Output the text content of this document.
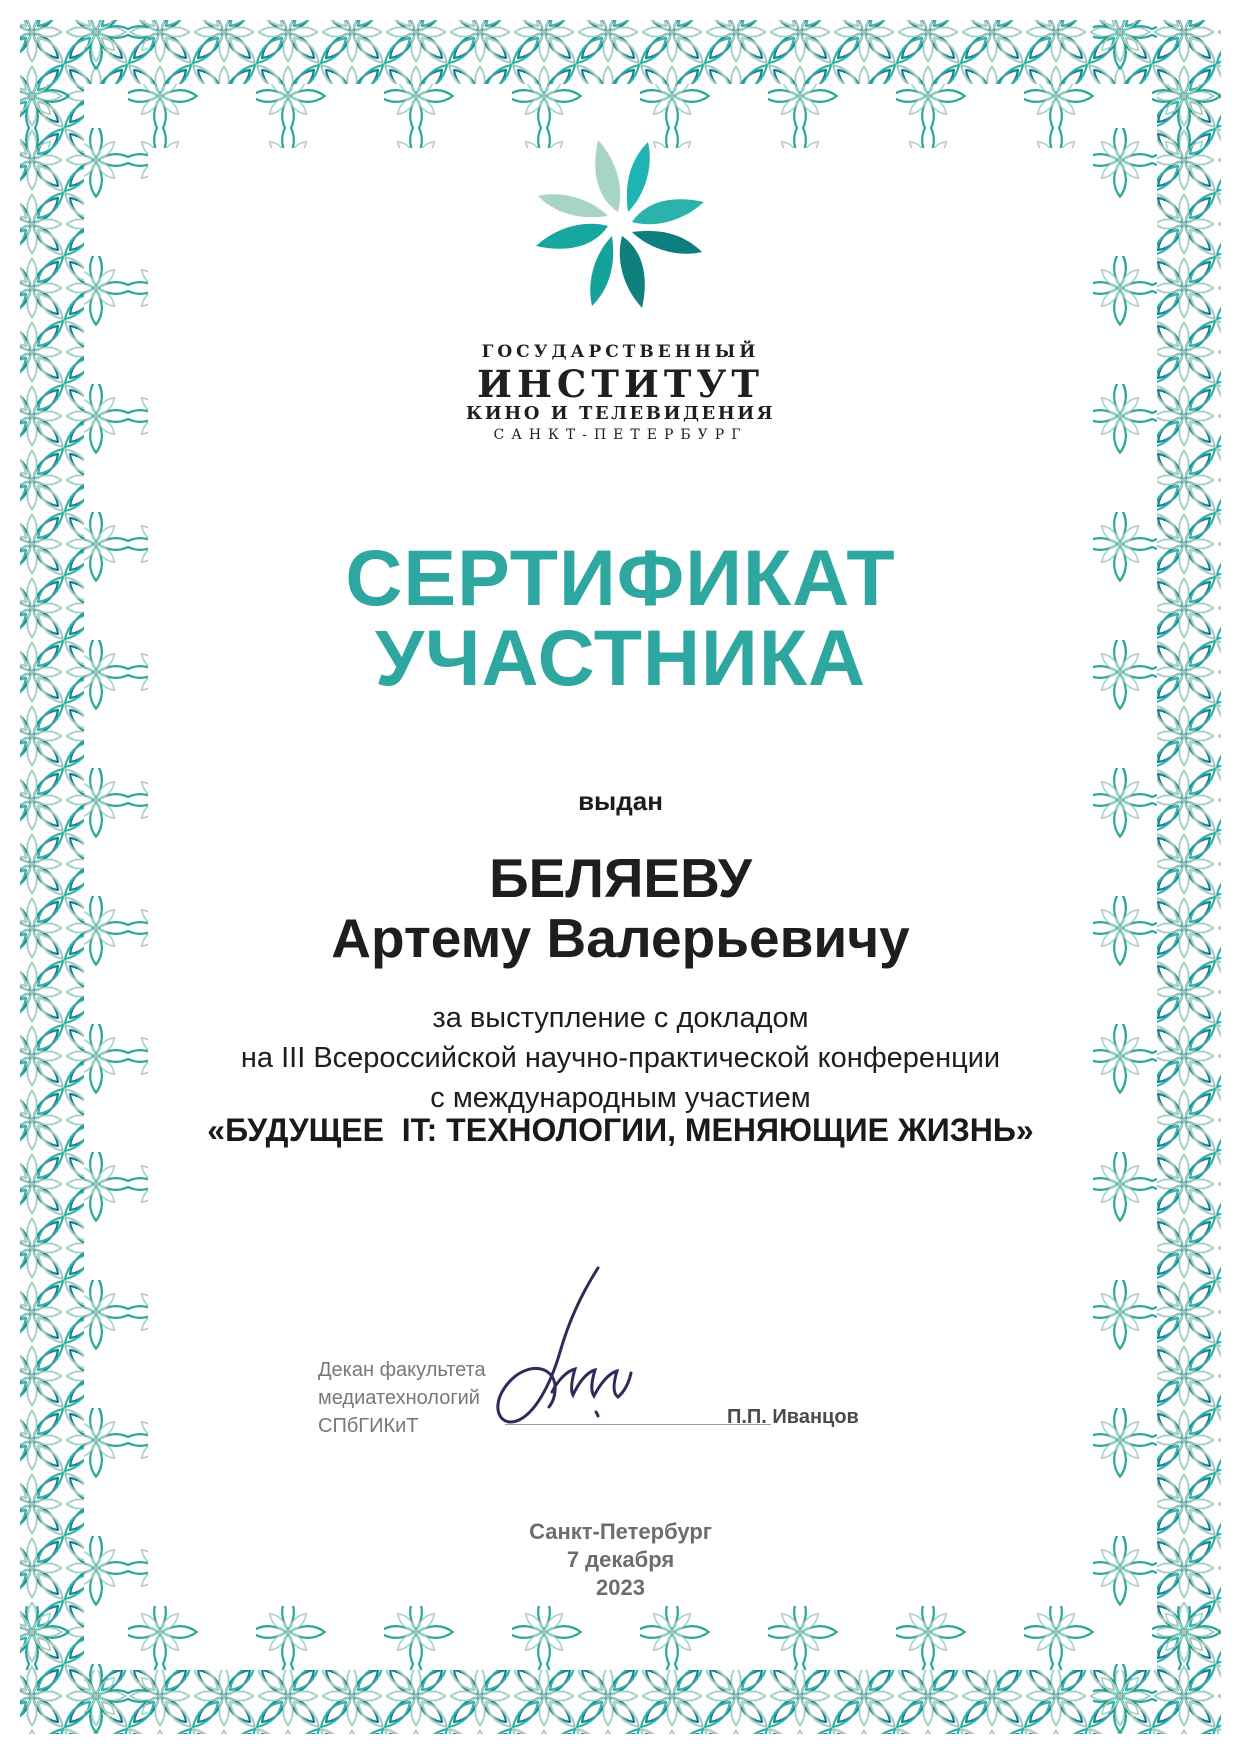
ГОСУДАРСТВЕННЫЙ
ИНСТИТУТ
КИНО И ТЕЛЕВИДЕНИЯ
САНКТ-ПЕТЕРБУРГ
СЕРТИФИКАТ
УЧАСТНИКА
выдан
БЕЛЯЕВУ
Артему Валерьевичу
за выступление с докладом
на III Всероссийской научно-практической конференции
с международным участием
«БУДУЩЕЕ  IT: ТЕХНОЛОГИИ, МЕНЯЮЩИЕ ЖИЗНЬ»
Декан факультета
медиатехнологий
СПбГИКиТ	П.П. Иванцов
Санкт-Петербург
7 декабря
2023
